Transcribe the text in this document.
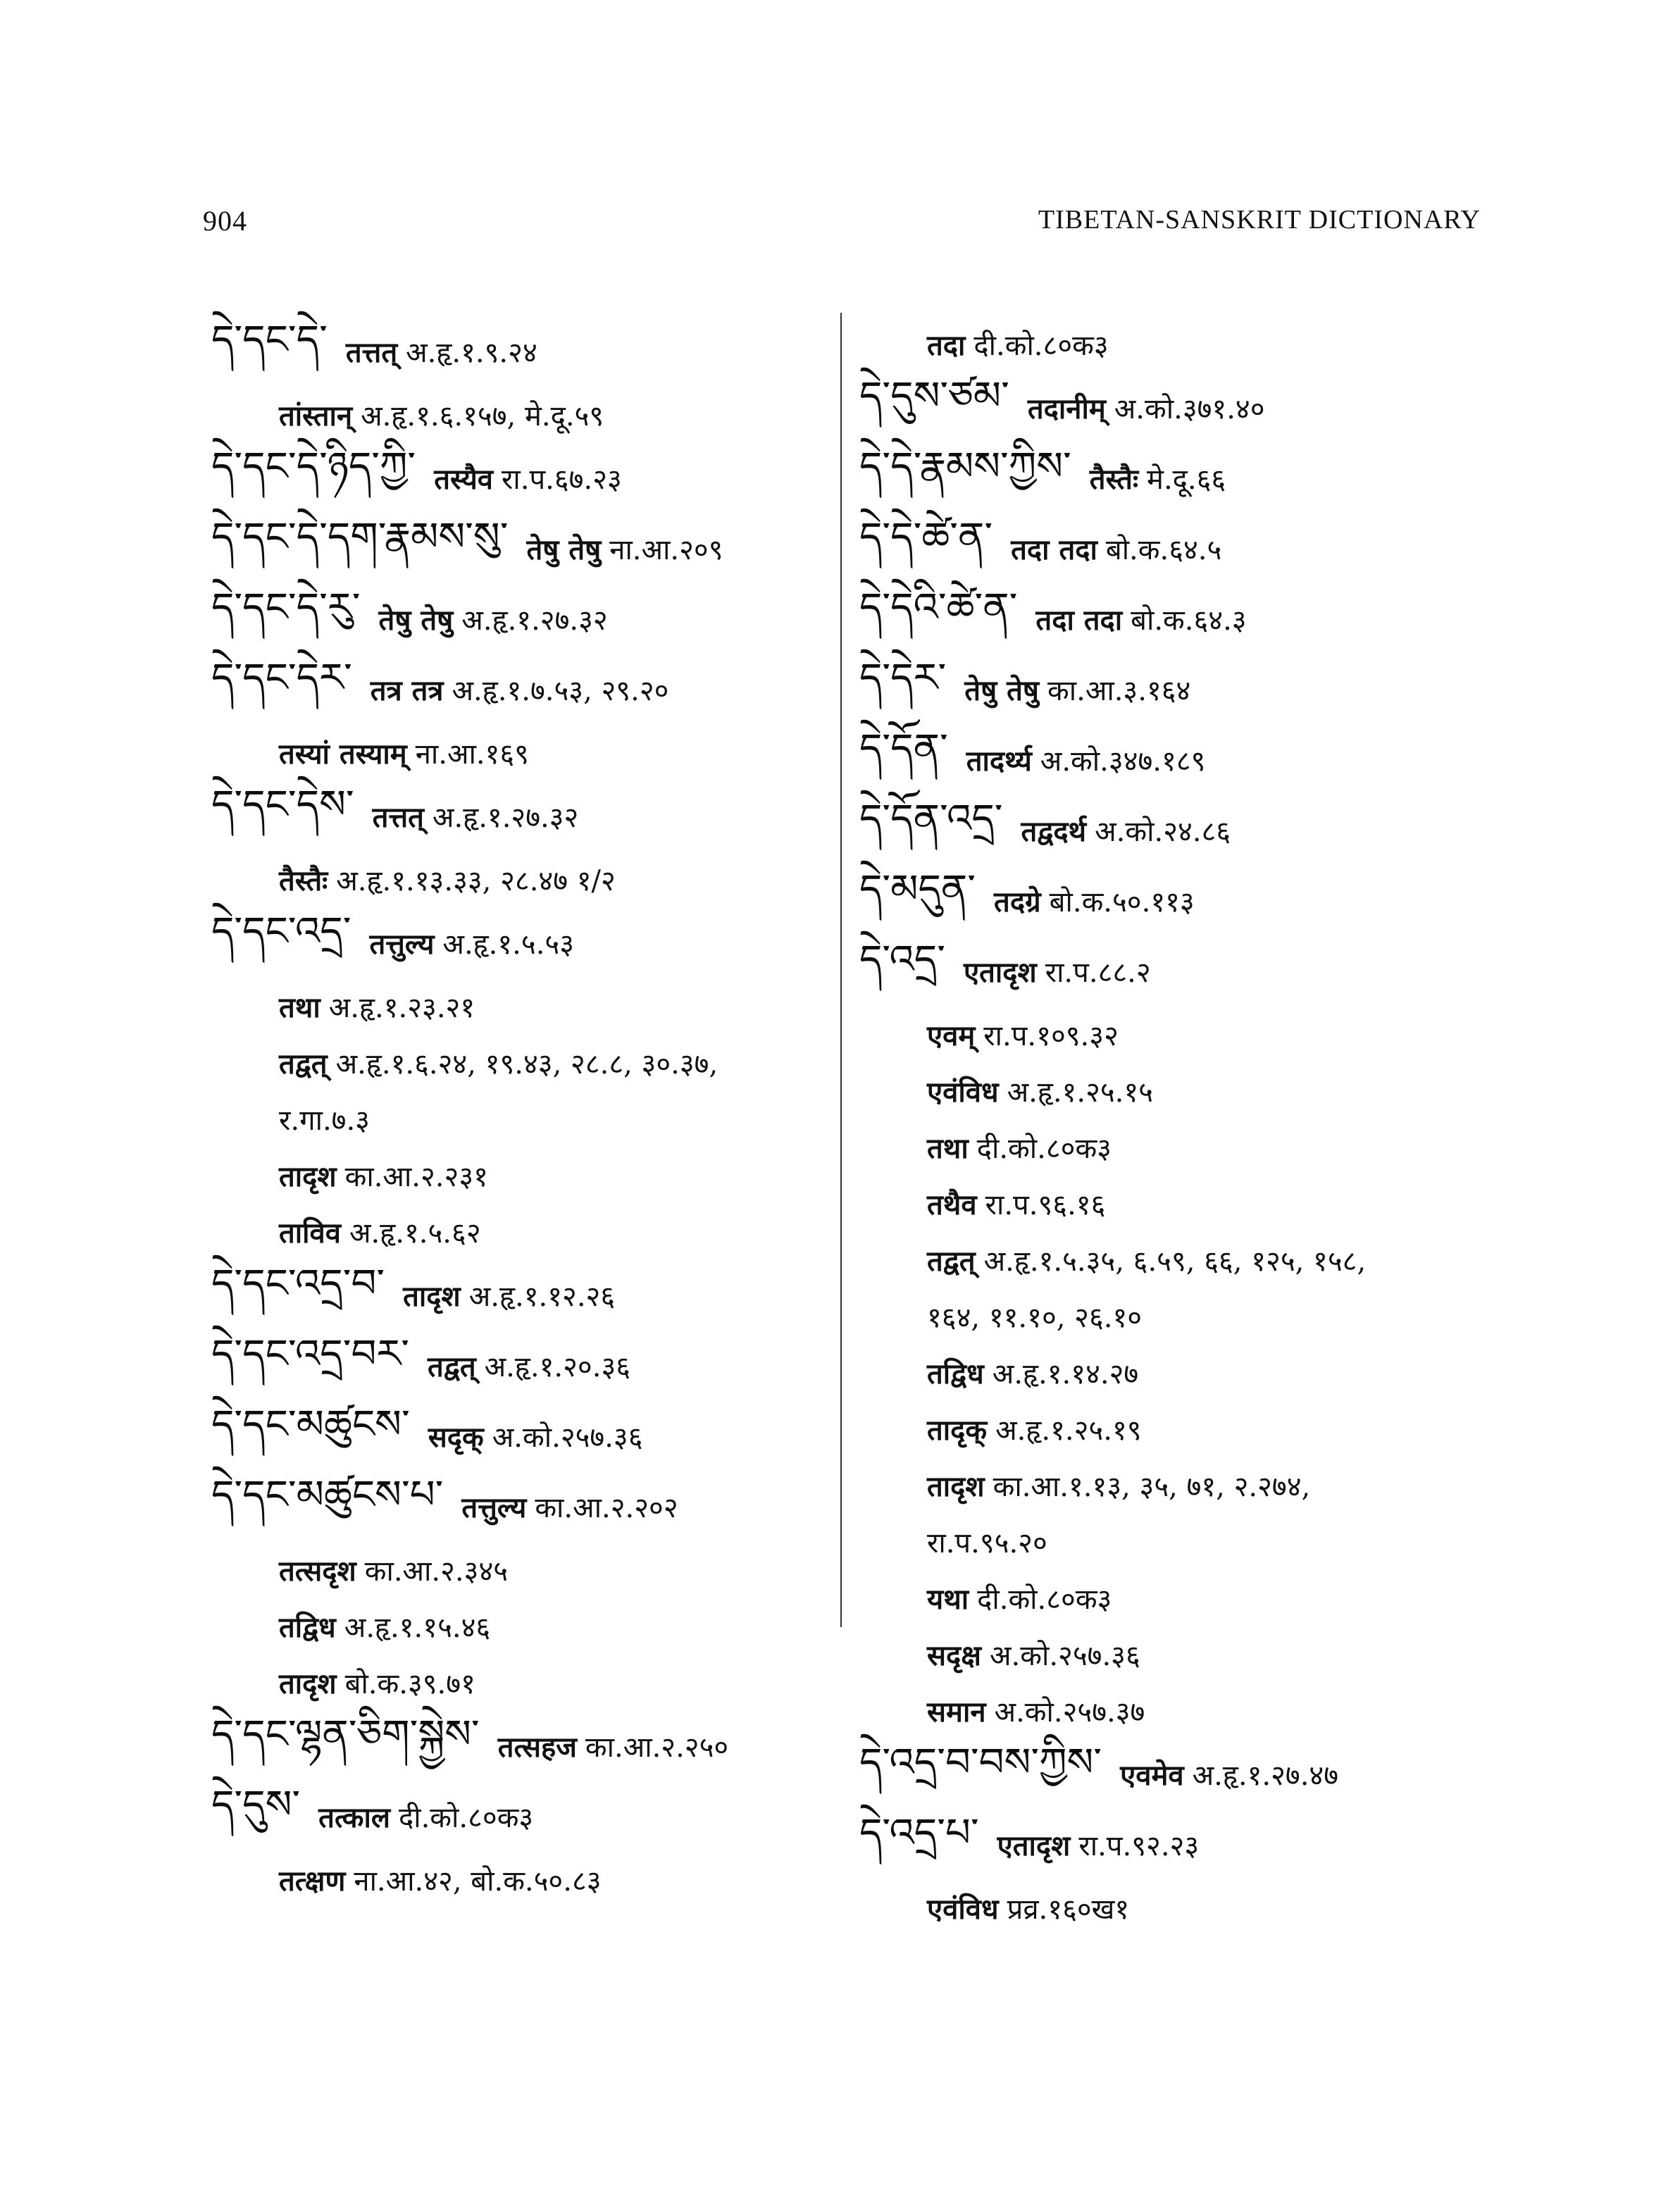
904	TIBETAN-SANSKRIT DICTIONARY
དེ་དང་དེ་ तत्तत् अ.हृ.१.९.२४
तांस्तान् अ.हृ.१.६.१५७, मे.दू.५९
དེ་དང་དེ་ཉིད་ཀྱི་ तस्यैव रा.प.६७.२३
དེ་དང་དེ་དག་རྣམས་སུ་ तेषु तेषु ना.आ.२०९
དེ་དང་དེ་རུ་ तेषु तेषु अ.हृ.१.२७.३२
དེ་དང་དེར་ तत्र तत्र अ.हृ.१.७.५३, २९.२०
तस्यां तस्याम् ना.आ.१६९
དེ་དང་དེས་ तत्तत् अ.हृ.१.२७.३२
तैस्तैः अ.हृ.१.१३.३३, २८.४७ १/२
དེ་དང་འདྲ་ तत्तुल्य अ.हृ.१.५.५३
तथा अ.हृ.१.२३.२१
तद्वत् अ.हृ.१.६.२४, १९.४३, २८.८, ३०.३७,
र.गा.७.३
तादृश का.आ.२.२३१
ताविव अ.हृ.१.५.६२
དེ་དང་འདྲ་བ་ तादृश अ.हृ.१.१२.२६
དེ་དང་འདྲ་བར་ तद्वत् अ.हृ.१.२०.३६
དེ་དང་མཚུངས་ सदृक् अ.को.२५७.३६
དེ་དང་མཚུངས་པ་ तत्तुल्य का.आ.२.२०२
तत्सदृश का.आ.२.३४५
तद्विध अ.हृ.१.१५.४६
तादृश बो.क.३९.७१
དེ་དང་ལྷན་ཅིག་སྐྱེས་ तत्सहज का.आ.२.२५०
དེ་དུས་ तत्काल दी.को.८०क३
तत्क्षण ना.आ.४२, बो.क.५०.८३
तदा दी.को.८०क३
དེ་དུས་ཙམ་ तदानीम् अ.को.३७१.४०
དེ་དེ་རྣམས་ཀྱིས་ तैस्तैः मे.दू.६६
དེ་དེ་ཚེ་ན་ तदा तदा बो.क.६४.५
དེ་དེའི་ཚེ་ན་ तदा तदा बो.क.६४.३
དེ་དེར་ तेषु तेषु का.आ.३.१६४
དེ་དོན་ तादर्थ्य अ.को.३४७.१८९
དེ་དོན་འདྲ་ तद्वदर्थ अ.को.२४.८६
དེ་མདུན་ तदग्रे बो.क.५०.११३
དེ་འདྲ་ एतादृश रा.प.८८.२
एवम् रा.प.१०९.३२
एवंविध अ.हृ.१.२५.१५
तथा दी.को.८०क३
तथैव रा.प.९६.१६
तद्वत् अ.हृ.१.५.३५, ६.५९, ६६, १२५, १५८,
१६४, ११.१०, २६.१०
तद्विध अ.हृ.१.१४.२७
तादृक् अ.हृ.१.२५.१९
तादृश का.आ.१.१३, ३५, ७१, २.२७४,
रा.प.९५.२०
यथा दी.को.८०क३
सदृक्ष अ.को.२५७.३६
समान अ.को.२५७.३७
དེ་འདྲ་བ་བས་ཀྱིས་ एवमेव अ.हृ.१.२७.४७
དེ་འདྲ་པ་ एतादृश रा.प.९२.२३
एवंविध प्रव्र.१६०ख१
